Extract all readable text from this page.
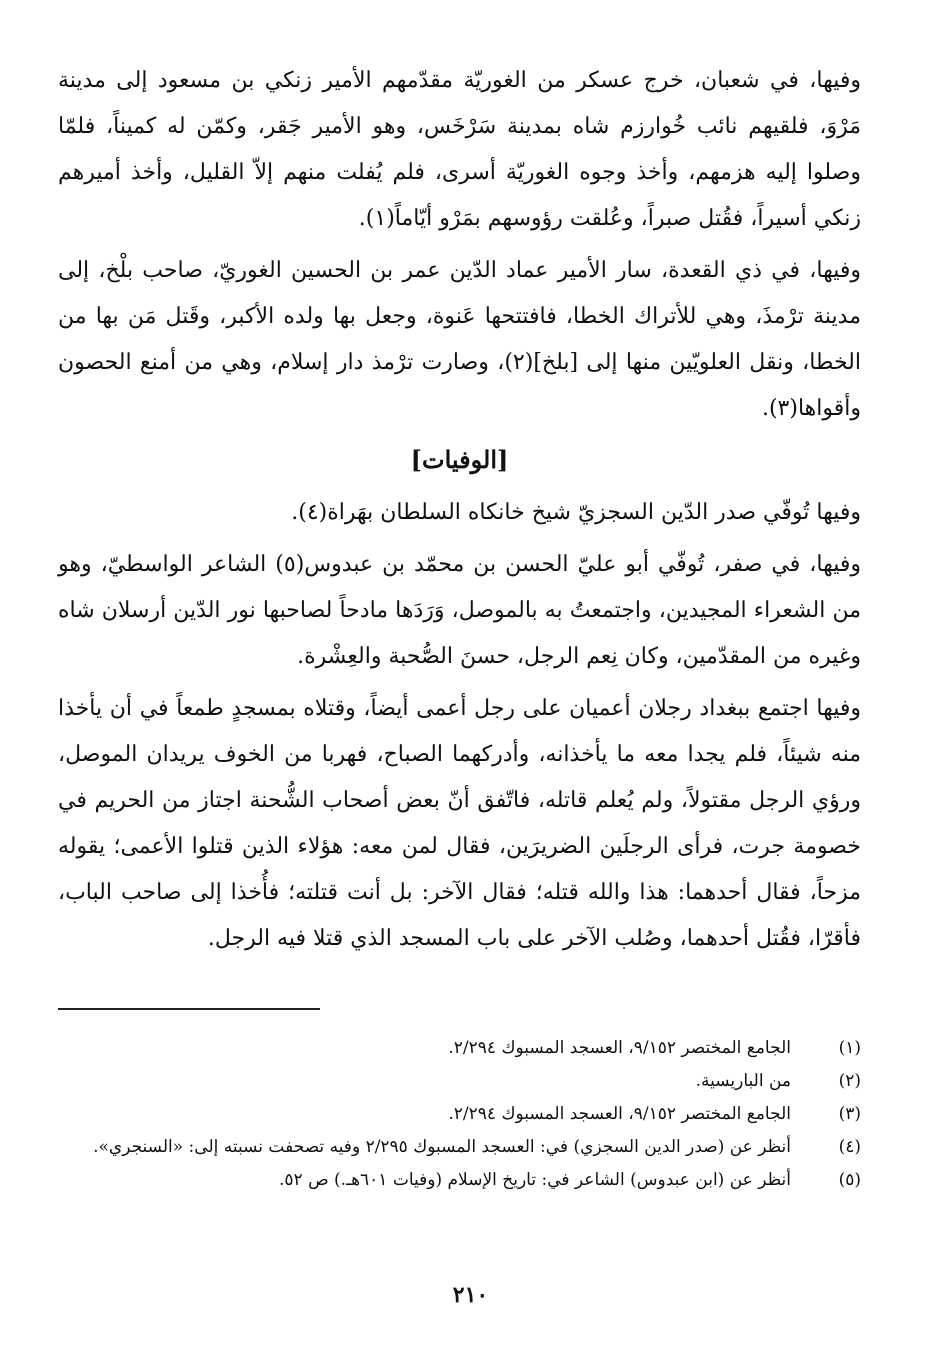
وفيها، في شعبان، خرج عسكر من الغوريّة مقدّمهم الأمير زنكي بن مسعود إلى مدينة مَرْوَ، فلقيهم نائب خُوارزم شاه بمدينة سَرْخَس، وهو الأمير جَقر، وكمّن له كميناً، فلمّا وصلوا إليه هزمهم، وأخذ وجوه الغوريّة أسرى، فلم يُفلت منهم إلاّ القليل، وأخذ أميرهم زنكي أسيراً، فقُتل صبراً، وعُلقت رؤوسهم بمَرْو أيّاماً(١).

وفيها، في ذي القعدة، سار الأمير عماد الدّين عمر بن الحسين الغوريّ، صاحب بلْخ، إلى مدينة ترْمذَ، وهي للأتراك الخطا، فافتتحها عَنوة، وجعل بها ولده الأكبر، وقَتل مَن بها من الخطا، ونقل العلويّين منها إلى [بلخ](٢)، وصارت ترْمذ دار إسلام، وهي من أمنع الحصون وأقواها(٣).

[الوفيات]

وفيها تُوفّي صدر الدّين السجزيّ شيخ خانكاه السلطان بهَراة(٤).

وفيها، في صفر، تُوفّي أبو عليّ الحسن بن محمّد بن عبدوس(٥) الشاعر الواسطيّ، وهو من الشعراء المجيدين، واجتمعتُ به بالموصل، وَرَدَها مادحاً لصاحبها نور الدّين أرسلان شاه وغيره من المقدّمين، وكان نِعم الرجل، حسنَ الصُّحبة والعِشْرة.

وفيها اجتمع ببغداد رجلان أعميان على رجل أعمى أيضاً، وقتلاه بمسجدٍ طمعاً في أن يأخذا منه شيئاً، فلم يجدا معه ما يأخذانه، وأدركهما الصباح، فهربا من الخوف يريدان الموصل، ورؤي الرجل مقتولاً، ولم يُعلم قاتله، فاتّفق أنّ بعض أصحاب الشُّحنة اجتاز من الحريم في خصومة جرت، فرأى الرجلَين الضريرَين، فقال لمن معه: هؤلاء الذين قتلوا الأعمى؛ يقوله مزحاً، فقال أحدهما: هذا والله قتله؛ فقال الآخر: بل أنت قتلته؛ فأُخذا إلى صاحب الباب، فأقرّا، فقُتل أحدهما، وصُلب الآخر على باب المسجد الذي قتلا فيه الرجل.

(١)
الجامع المختصر ٩/١٥٢، العسجد المسبوك ٢/٢٩٤.
(٢)
من الباريسية.
(٣)
الجامع المختصر ٩/١٥٢، العسجد المسبوك ٢/٢٩٤.
(٤)
أنظر عن (صدر الدين السجزي) في: العسجد المسبوك ٢/٢٩٥ وفيه تصحفت نسبته إلى: «السنجري».
(٥)
أنظر عن (ابن عبدوس) الشاعر في: تاريخ الإسلام (وفيات ٦٠١هـ.) ص ٥٢.
٢١٠
